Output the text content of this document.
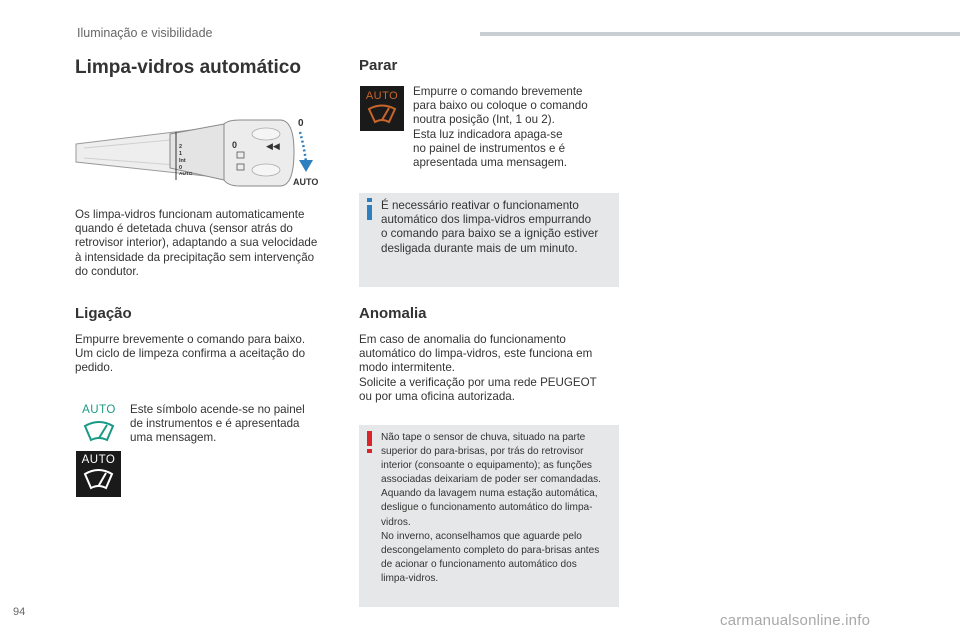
Iluminação e visibilidade
Limpa-vidros automático
0	◀◀
2
1
Int
0
AUTO
0
AUTO
Os limpa-vidros funcionam automaticamente
quando é detetada chuva (sensor atrás do
retrovisor interior), adaptando a sua velocidade
à intensidade da precipitação sem intervenção
do condutor.
Ligação
Empurre brevemente o comando para baixo.
Um ciclo de limpeza confirma a aceitação do
pedido.
AUTO	Este símbolo acende-se no painel
de instrumentos e é apresentada
uma mensagem.
AUTO
Parar
AUTO	Empurre o comando brevemente
para baixo ou coloque o comando
noutra posição (Int, 1 ou 2).
Esta luz indicadora apaga-se
no painel de instrumentos e é
apresentada uma mensagem.
É necessário reativar o funcionamento
automático dos limpa-vidros empurrando
o comando para baixo se a ignição estiver
desligada durante mais de um minuto.
Anomalia
Em caso de anomalia do funcionamento
automático do limpa-vidros, este funciona em
modo intermitente.
Solicite a verificação por uma rede PEUGEOT
ou por uma oficina autorizada.
Não tape o sensor de chuva, situado na parte
superior do para-brisas, por trás do retrovisor
interior (consoante o equipamento); as funções
associadas deixariam de poder ser comandadas.
Aquando da lavagem numa estação automática,
desligue o funcionamento automático do limpa-
vidros.
No inverno, aconselhamos que aguarde pelo
descongelamento completo do para-brisas antes
de acionar o funcionamento automático dos
limpa-vidros.
94	carmanualsonline.info
